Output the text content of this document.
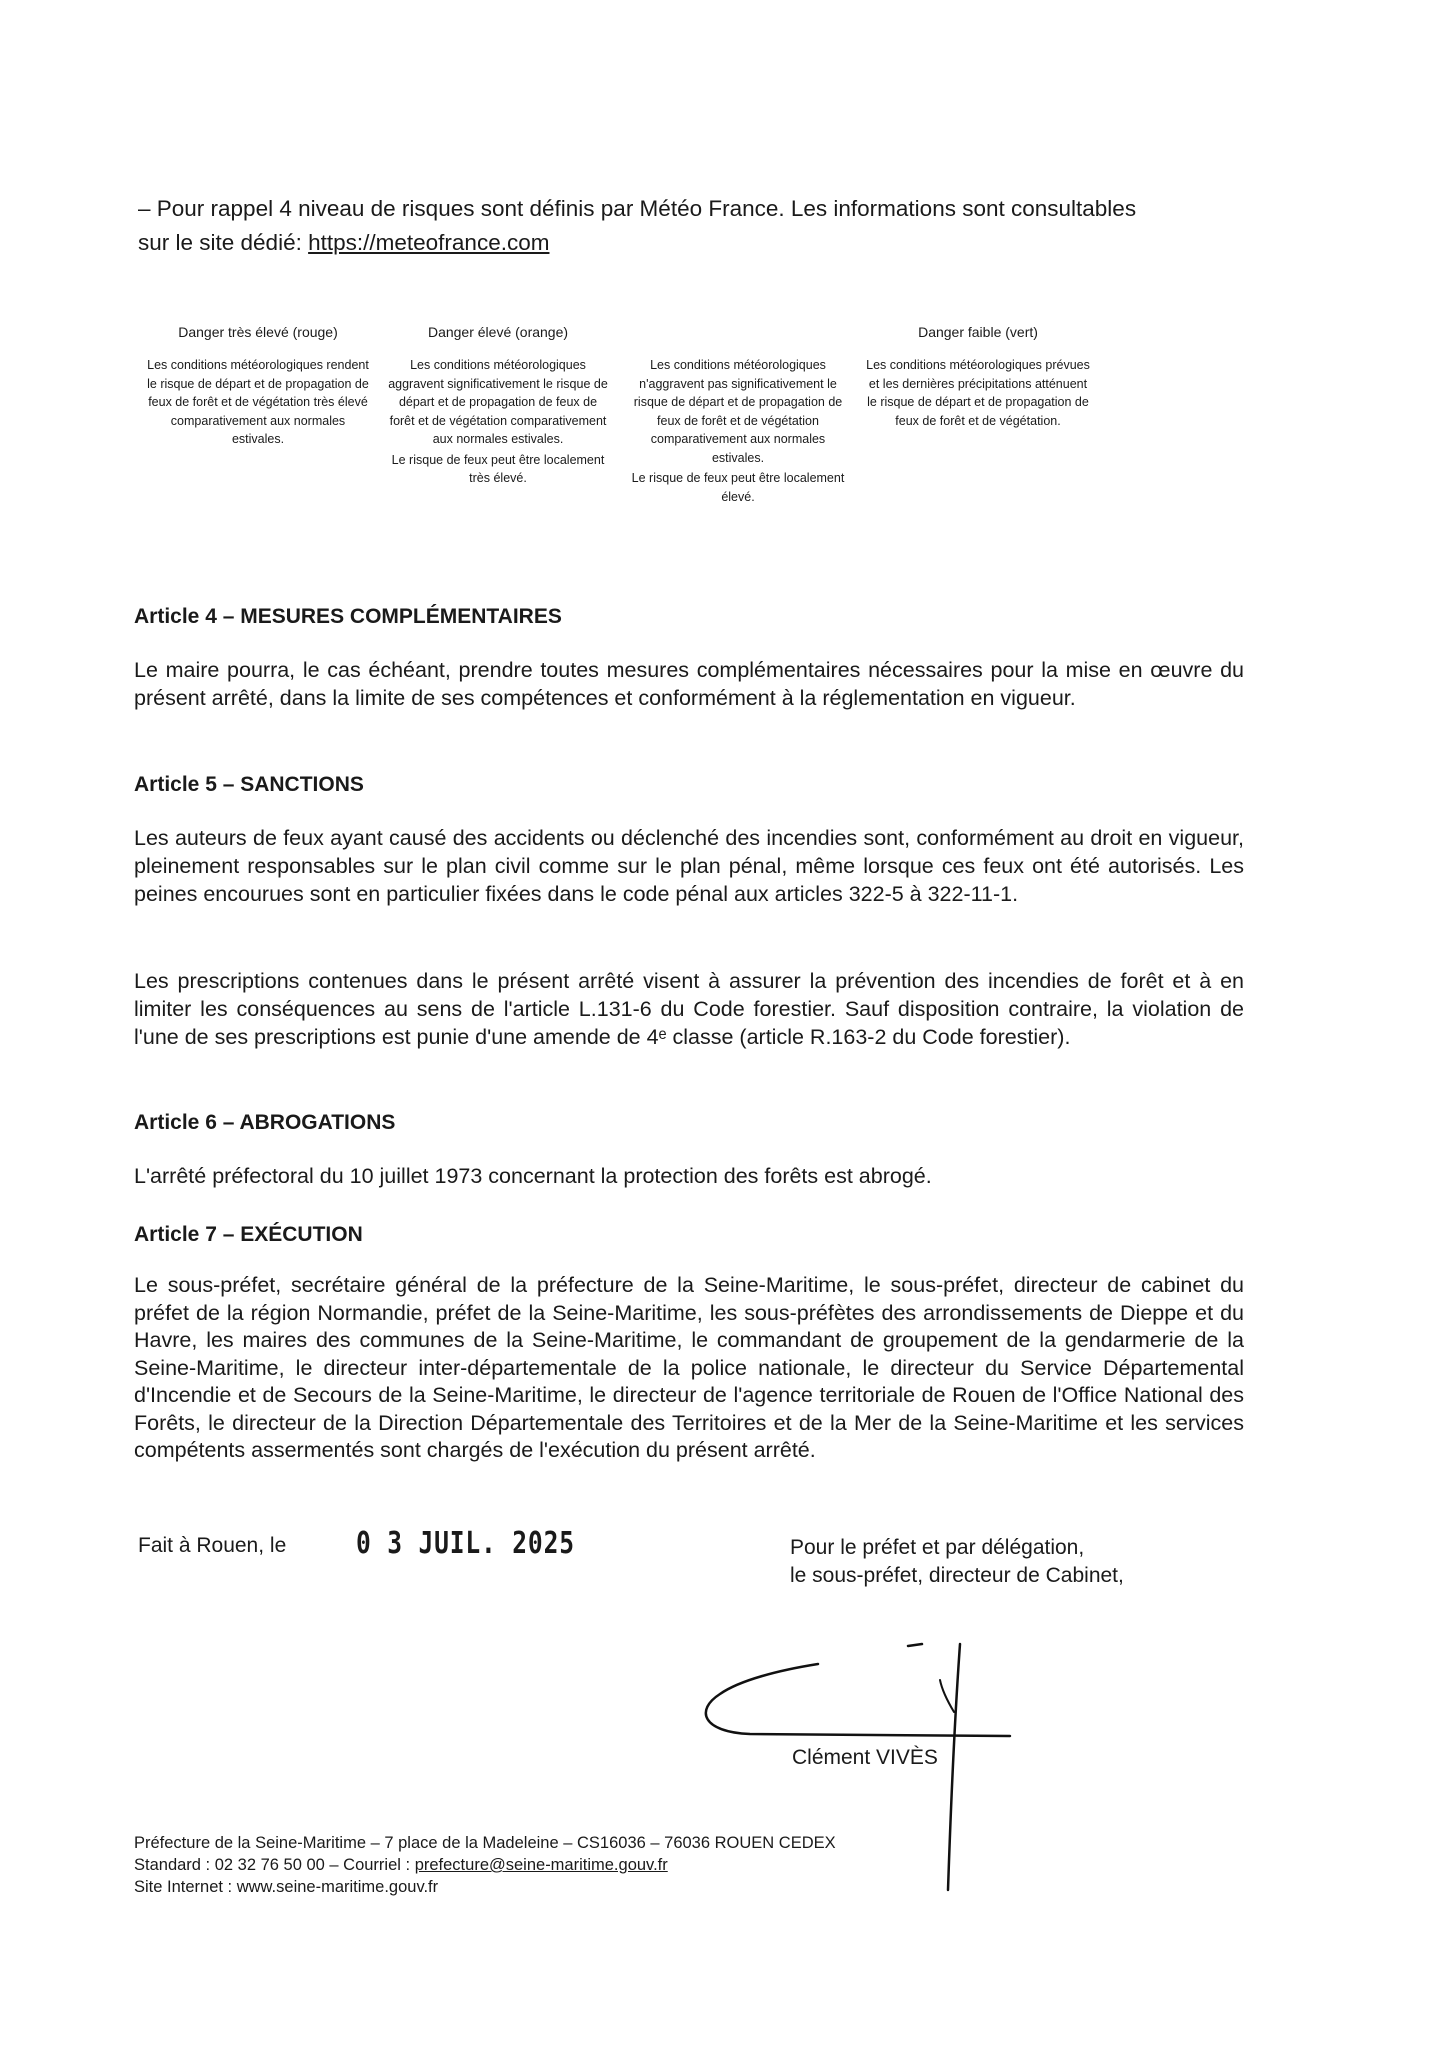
– Pour rappel 4 niveau de risques sont définis par Météo France. Les informations sont consultables
sur le site dédié: https://meteofrance.com
Danger très élevé (rouge)
Les conditions météorologiques rendent le risque de départ et de propagation de feux de forêt et de végétation très élevé comparativement aux normales estivales.
Danger élevé (orange)
Les conditions météorologiques aggravent significativement le risque de départ et de propagation de feux de forêt et de végétation comparativement aux normales estivales.
Le risque de feux peut être localement très élevé.
Les conditions météorologiques n'aggravent pas significativement le risque de départ et de propagation de feux de forêt et de végétation comparativement aux normales estivales.
Le risque de feux peut être localement élevé.
Danger faible (vert)
Les conditions météorologiques prévues et les dernières précipitations atténuent le risque de départ et de propagation de feux de forêt et de végétation.
Article 4 – MESURES COMPLÉMENTAIRES
Le maire pourra, le cas échéant, prendre toutes mesures complémentaires nécessaires pour la mise en œuvre du présent arrêté, dans la limite de ses compétences et conformément à la réglementation en vigueur.
Article 5 – SANCTIONS
Les auteurs de feux ayant causé des accidents ou déclenché des incendies sont, conformément au droit en vigueur, pleinement responsables sur le plan civil comme sur le plan pénal, même lorsque ces feux ont été autorisés. Les peines encourues sont en particulier fixées dans le code pénal aux articles 322-5 à 322-11-1.
Les prescriptions contenues dans le présent arrêté visent à assurer la prévention des incendies de forêt et à en limiter les conséquences au sens de l'article L.131-6 du Code forestier. Sauf disposition contraire, la violation de l'une de ses prescriptions est punie d'une amende de 4ᵉ classe (article R.163-2 du Code forestier).
Article 6 – ABROGATIONS
L'arrêté préfectoral du 10 juillet 1973 concernant la protection des forêts est abrogé.
Article 7 – EXÉCUTION
Le sous-préfet, secrétaire général de la préfecture de la Seine-Maritime, le sous-préfet, directeur de cabinet du préfet de la région Normandie, préfet de la Seine-Maritime, les sous-préfètes des arrondissements de Dieppe et du Havre, les maires des communes de la Seine-Maritime, le commandant de groupement de la gendarmerie de la Seine-Maritime, le directeur inter-départementale de la police nationale, le directeur du Service Départemental d'Incendie et de Secours de la Seine-Maritime, le directeur de l'agence territoriale de Rouen de l'Office National des Forêts, le directeur de la Direction Départementale des Territoires et de la Mer de la Seine-Maritime et les services compétents assermentés sont chargés de l'exécution du présent arrêté.
Fait à Rouen, le 0 3 JUIL. 2025	Pour le préfet et par délégation,
le sous-préfet, directeur de Cabinet,
Clément VIVÈS
Préfecture de la Seine-Maritime – 7 place de la Madeleine – CS16036 – 76036 ROUEN CEDEX
Standard : 02 32 76 50 00 – Courriel : prefecture@seine-maritime.gouv.fr
Site Internet : www.seine-maritime.gouv.fr
